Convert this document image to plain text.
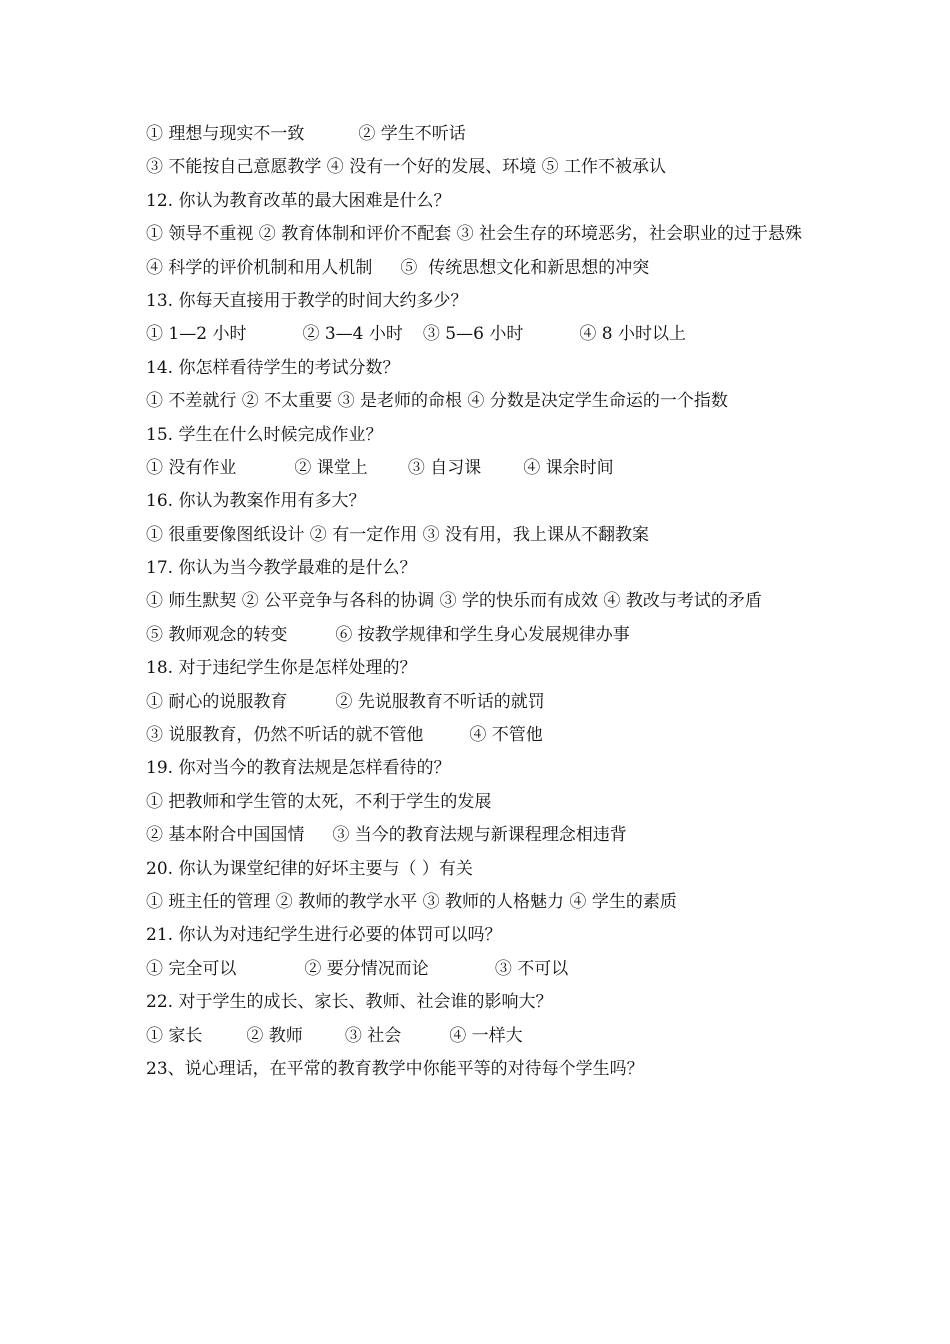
① 理想与现实不一致	② 学生不听话
③ 不能按自己意愿教学 ④ 没有一个好的发展、环境 ⑤ 工作不被承认
12. 你认为教育改革的最大困难是什么？
① 领导不重视 ② 教育体制和评价不配套 ③ 社会生存的环境恶劣，社会职业的过于悬殊
④ 科学的评价机制和用人机制 ⑤  传统思想文化和新思想的冲突
13. 你每天直接用于教学的时间大约多少？
① 1—2 小时	② 3—4 小时 ③ 5—6 小时	④ 8 小时以上
14. 你怎样看待学生的考试分数？
① 不差就行 ② 不太重要 ③ 是老师的命根 ④ 分数是决定学生命运的一个指数
15. 学生在什么时候完成作业？
① 没有作业	② 课堂上 ③ 自习课 ④ 课余时间
16. 你认为教案作用有多大？
① 很重要像图纸设计 ② 有一定作用 ③ 没有用，我上课从不翻教案
17. 你认为当今教学最难的是什么？
① 师生默契 ② 公平竞争与各科的协调 ③ 学的快乐而有成效 ④ 教改与考试的矛盾
⑤ 教师观念的转变	⑥ 按教学规律和学生身心发展规律办事
18. 对于违纪学生你是怎样处理的？
① 耐心的说服教育	② 先说服教育不听话的就罚
③ 说服教育，仍然不听话的就不管他	④ 不管他
19. 你对当今的教育法规是怎样看待的？
① 把教师和学生管的太死，不利于学生的发展
② 基本附合中国国情 ③ 当今的教育法规与新课程理念相违背
20. 你认为课堂纪律的好坏主要与（ ）有关
① 班主任的管理 ② 教师的教学水平 ③ 教师的人格魅力 ④ 学生的素质
21. 你认为对违纪学生进行必要的体罚可以吗？
① 完全可以	② 要分情况而论	③ 不可以
22. 对于学生的成长、家长、教师、社会谁的影响大？
① 家长	② 教师 ③ 社会	④ 一样大
23、说心理话，在平常的教育教学中你能平等的对待每个学生吗？
